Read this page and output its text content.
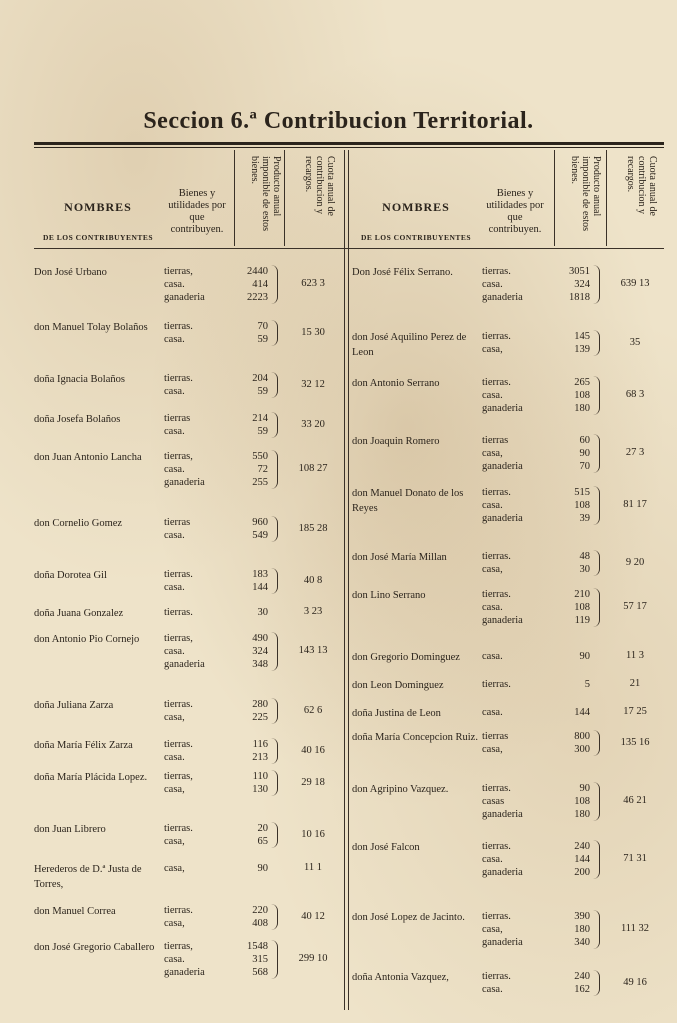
Seccion 6.ª Contribucion Territorial.
NOMBRES
DE LOS CONTRIBUYENTES
Bienes y utilidades por que contribuyen.
Producto anual imponible de estos bienes.	Cuota anual de contribucion y recargos.
Don José Urbano	tierras,	2440
casa.	414
ganaderia	2223
623 3
don Manuel Tolay Bolaños	tierras.	70
casa.	59
15 30
doña Ignacia Bolaños	tierras.	204
casa.	59
32 12
doña Josefa Bolaños	tierras	214
casa.	59
33 20
don Juan Antonio Lancha	tierras,	550
casa.	72
ganaderia	255
108 27
don Cornelio Gomez	tierras	960
casa.	549
185 28
doña Dorotea Gil	tierras.	183
casa.	144
40 8
doña Juana Gonzalez	tierras.	30	3 23
don Antonio Pio Cornejo	tierras,	490
casa.	324
ganaderia	348
143 13
doña Juliana Zarza	tierras.	280
casa,	225
62 6
doña María Félix Zarza	tierras.	116
casa.	213
40 16
doña María Plácida Lopez.	tierras,	110
casa,	130
29 18
don Juan Librero	tierras.	20
casa,	65
10 16
Herederos de D.ª Justa de Torres,
casa,	90	11 1
don Manuel Correa	tierras.	220
casa,	408
40 12
don José Gregorio Caballero tierras,	1548
casa.	315
ganaderia	568
299 10
NOMBRES
DE LOS CONTRIBUYENTES
Bienes y utilidades por que contribuyen.
Producto anual imponible de estos bienes.	Cuota anual de contribucion y recargos.
Don José Félix Serrano.	tierras.	3051
casa.	324
ganaderia	1818
639 13
don José Aquilino Perez de Leon
tierras.	145
casa,	139
35
don Antonio Serrano	tierras.	265
casa.	108
ganaderia	180
68 3
don Joaquin Romero	tierras	60
casa,	90
ganaderia	70
27 3
don Manuel Donato de los Reyes
tierras.	515
casa.	108
ganaderia	39
81 17
don José María Millan	tierras.	48
casa,	30
9 20
don Lino Serrano	tierras.	210
casa.	108
ganaderia	119
57 17
don Gregorio Dominguez	casa.	90	11 3
don Leon Dominguez	tierras.	5	21
doña Justina de Leon	casa.	144	17 25
doña María Concepcion Ruiz. tierras	800
casa,	300
135 16
don Agripino Vazquez.	tierras.	90
casas	108
ganaderia	180
46 21
don José Falcon	tierras.	240
casa.	144
ganaderia	200
71 31
don José Lopez de Jacinto.	tierras.	390
casa,	180
ganaderia	340
111 32
doña Antonia Vazquez,	tierras.	240
casa.	162
49 16
